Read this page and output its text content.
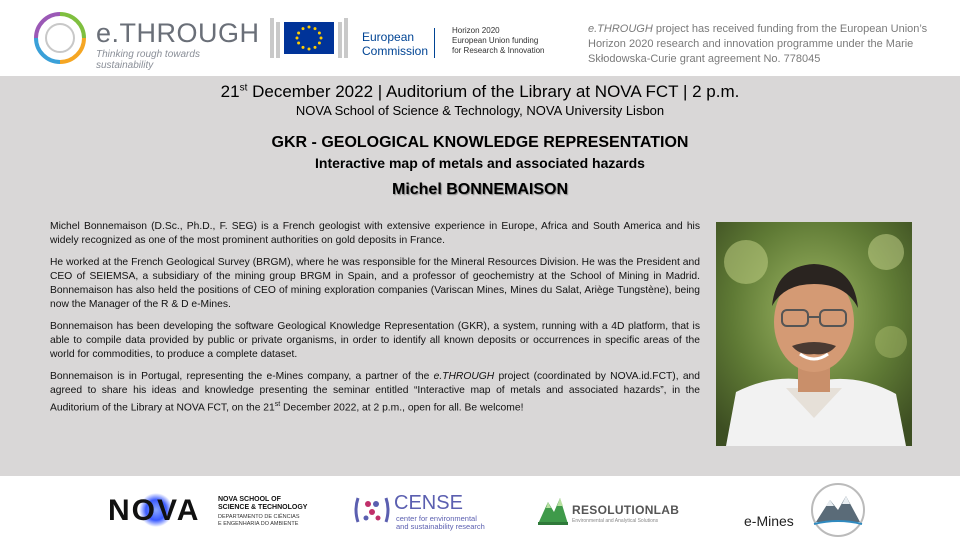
e.THROUGH
Thinking rough towards sustainability
European
Commission
Horizon 2020
European Union funding
for Research & Innovation
e.THROUGH project has received funding from the European Union’s Horizon 2020 research and innovation programme under the Marie Skłodowska-Curie grant agreement No. 778045
21st December 2022 | Auditorium of the Library at NOVA FCT | 2 p.m.
NOVA School of Science & Technology, NOVA University Lisbon
GKR - GEOLOGICAL KNOWLEDGE REPRESENTATION
Interactive map of metals and associated hazards
Michel BONNEMAISON

Michel Bonnemaison (D.Sc., Ph.D., F. SEG) is a French geologist with extensive experience in Europe, Africa and South America and his widely recognized as one of the most prominent authorities on gold deposits in France.

He worked at the French Geological Survey (BRGM), where he was responsible for the Mineral Resources Division. He was the President and CEO of SEIEMSA, a subsidiary of the mining group BRGM in Spain, and a professor of geochemistry at the School of Mining in Madrid. Bonnemaison has also held the positions of CEO of mining exploration companies (Variscan Mines, Mines du Salat, Ariège Tungstène), being now the Manager of the R & D e-Mines.

Bonnemaison has been developing the software Geological Knowledge Representation (GKR), a system, running with a 4D platform, that is able to compile data provided by public or private organisms, in order to identify all known deposits or occurrences in specific areas of the world for commodities, to produce a complete dataset.

Bonnemaison is in Portugal, representing the e-Mines company, a partner of the e.THROUGH project (coordinated by NOVA.id.FCT), and agreed to share his ideas and knowledge presenting the seminar entitled “Interactive map of metals and associated hazards”, in the Auditorium of the Library at NOVA FCT, on the 21st December 2022, at 2 p.m., open for all. Be welcome!

NOVA	NOVA SCHOOL OF
SCIENCE & TECHNOLOGY
DEPARTAMENTO DE CIÊNCIAS
E ENGENHARIA DO AMBIENTE
CENSE
center for environmental
and sustainability research
RESOLUTIONLAB
Environmental and Analytical Solutions	e-Mines
